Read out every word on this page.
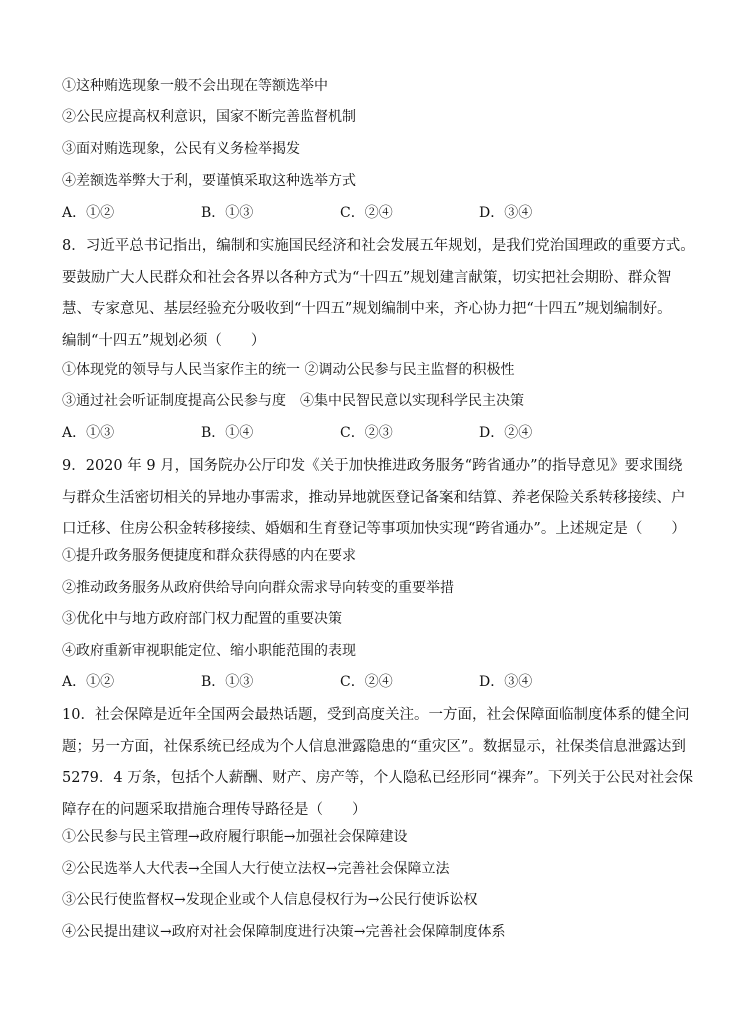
①这种贿选现象一般不会出现在等额选举中
②公民应提高权利意识，国家不断完善监督机制
③面对贿选现象，公民有义务检举揭发
④差额选举弊大于利，要谨慎采取这种选举方式
A．①②	B．①③	C．②④	D．③④
8．习近平总书记指出，编制和实施国民经济和社会发展五年规划，是我们党治国理政的重要方式。
要鼓励广大人民群众和社会各界以各种方式为“十四五”规划建言献策，切实把社会期盼、群众智
慧、专家意见、基层经验充分吸收到“十四五”规划编制中来，齐心协力把“十四五”规划编制好。
编制“十四五”规划必须（　　）
①体现党的领导与人民当家作主的统一 ②调动公民参与民主监督的积极性
③通过社会听证制度提高公民参与度　④集中民智民意以实现科学民主决策
A．①③	B．①④	C．②③	D．②④
9．2020 年 9 月，国务院办公厅印发《关于加快推进政务服务“跨省通办”的指导意见》要求围绕
与群众生活密切相关的异地办事需求，推动异地就医登记备案和结算、养老保险关系转移接续、户
口迁移、住房公积金转移接续、婚姻和生育登记等事项加快实现“跨省通办”。上述规定是（　　）
①提升政务服务便捷度和群众获得感的内在要求
②推动政务服务从政府供给导向向群众需求导向转变的重要举措
③优化中与地方政府部门权力配置的重要决策
④政府重新审视职能定位、缩小职能范围的表现
A．①②	B．①③	C．②④	D．③④
10．社会保障是近年全国两会最热话题，受到高度关注。一方面，社会保障面临制度体系的健全问
题；另一方面，社保系统已经成为个人信息泄露隐患的“重灾区”。数据显示，社保类信息泄露达到
5279．4 万条，包括个人薪酬、财产、房产等，个人隐私已经形同“裸奔”。下列关于公民对社会保
障存在的问题采取措施合理传导路径是（　　）
①公民参与民主管理→政府履行职能→加强社会保障建设
②公民选举人大代表→全国人大行使立法权→完善社会保障立法
③公民行使监督权→发现企业或个人信息侵权行为→公民行使诉讼权
④公民提出建议→政府对社会保障制度进行决策→完善社会保障制度体系
